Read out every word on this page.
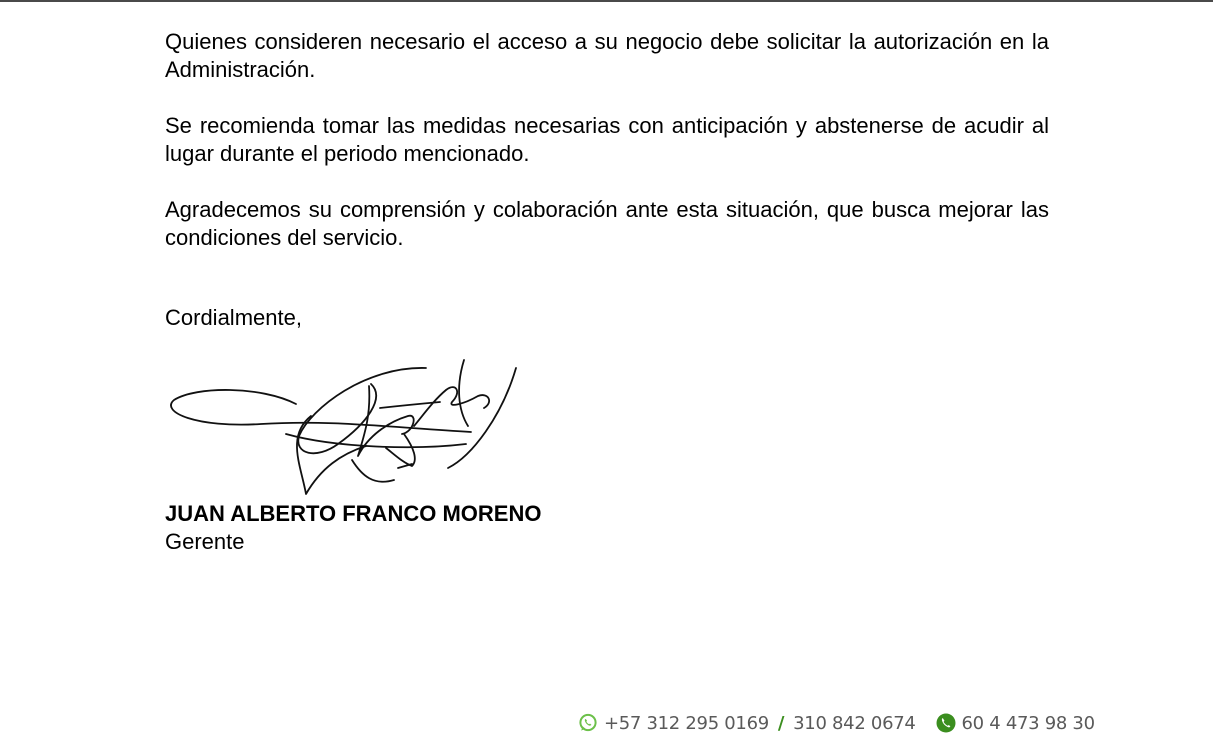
Quienes consideren necesario el acceso a su negocio debe solicitar la autorización en la Administración.

Se recomienda tomar las medidas necesarias con anticipación y abstenerse de acudir al lugar durante el periodo mencionado.

Agradecemos su comprensión y colaboración ante esta situación, que busca mejorar las condiciones del servicio.

Cordialmente,

JUAN ALBERTO FRANCO MORENO

Gerente

+57 312 295 0169 / 310 842 0674	60 4 473 98 30
